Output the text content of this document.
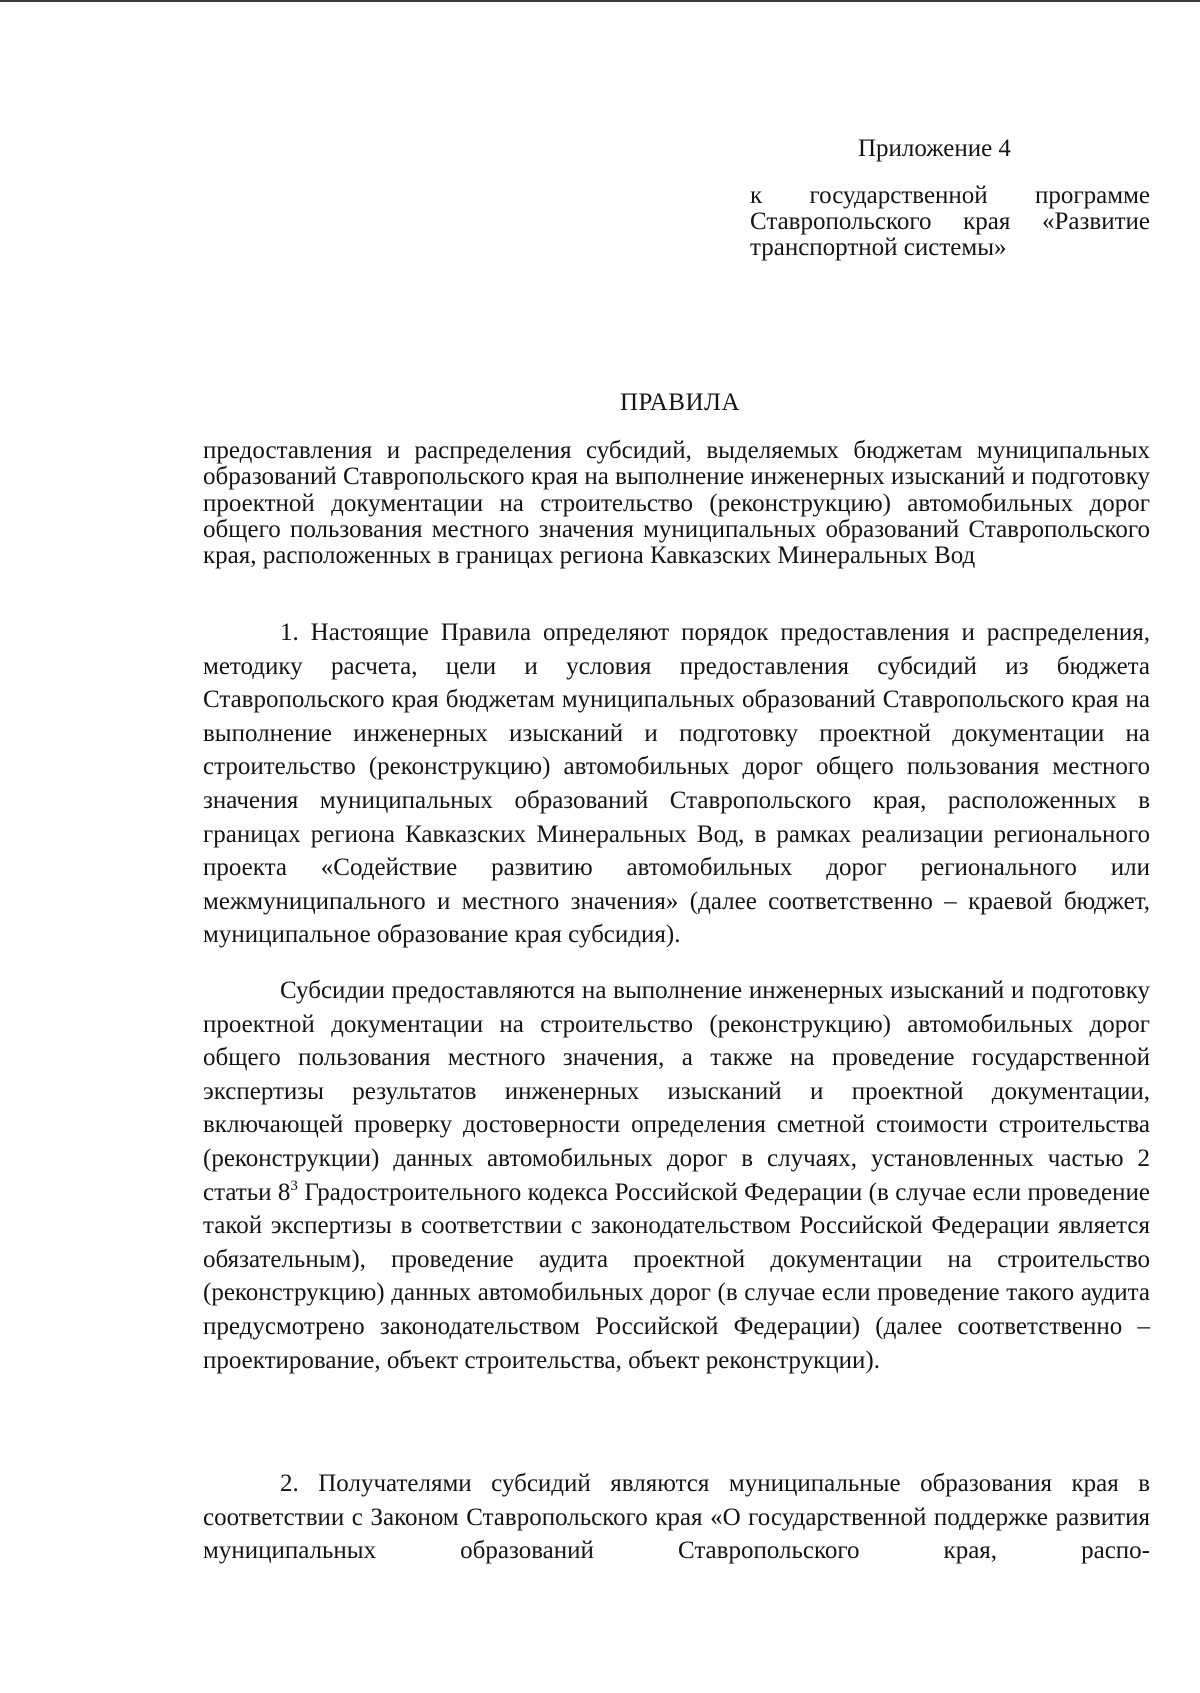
Приложение 4
к государственной программе Ставропольского края «Развитие транспортной системы»
ПРАВИЛА
предоставления и распределения субсидий, выделяемых бюджетам муниципальных образований Ставропольского края на выполнение инженерных изысканий и подготовку проектной документации на строительство (реконструкцию) автомобильных дорог общего пользования местного значения муниципальных образований Ставропольского края, расположенных в границах региона Кавказских Минеральных Вод

1. Настоящие Правила определяют порядок предоставления и распределения, методику расчета, цели и условия предоставления субсидий из бюджета Ставропольского края бюджетам муниципальных образований Ставропольского края на выполнение инженерных изысканий и подготовку проектной документации на строительство (реконструкцию) автомобильных дорог общего пользования местного значения муниципальных образований Ставропольского края, расположенных в границах региона Кавказских Минеральных Вод, в рамках реализации регионального проекта «Содействие развитию автомобильных дорог регионального или межмуниципального и местного значения» (далее соответственно – краевой бюджет, муниципальное образование края субсидия).

Субсидии предоставляются на выполнение инженерных изысканий и подготовку проектной документации на строительство (реконструкцию) автомобильных дорог общего пользования местного значения, а также на проведение государственной экспертизы результатов инженерных изысканий и проектной документации, включающей проверку достоверности определения сметной стоимости строительства (реконструкции) данных автомобильных дорог в случаях, установленных частью 2 статьи $8^3$ Градостроительного кодекса Российской Федерации (в случае если проведение такой экспертизы в соответствии с законодательством Российской Федерации является обязательным), проведение аудита проектной документации на строительство (реконструкцию) данных автомобильных дорог (в случае если проведение такого аудита предусмотрено законодательством Российской Федерации) (далее соответственно – проектирование, объект строительства, объект реконструкции).

2. Получателями субсидий являются муниципальные образования края в соответствии с Законом Ставропольского края «О государственной поддержке развития муниципальных образований Ставропольского края, распо-
